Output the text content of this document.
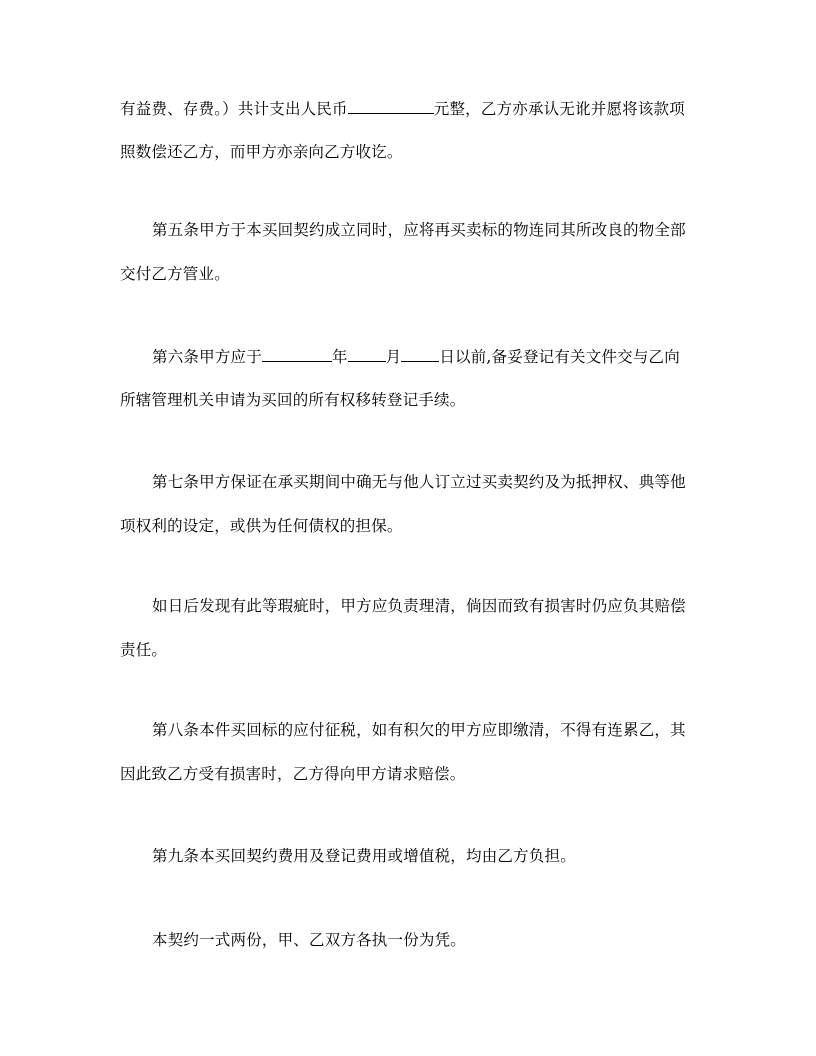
有益费、存费。）共计支出人民币	元整，乙方亦承认无讹并愿将该款项
照数偿还乙方，而甲方亦亲向乙方收讫。
第五条甲方于本买回契约成立同时，应将再买卖标的物连同其所改良的物全部
交付乙方管业。
第六条甲方应于	年 月 日以前,备妥登记有关文件交与乙向
所辖管理机关申请为买回的所有权移转登记手续。
第七条甲方保证在承买期间中确无与他人订立过买卖契约及为抵押权、典等他
项权利的设定，或供为任何债权的担保。
如日后发现有此等瑕疵时，甲方应负责理清，倘因而致有损害时仍应负其赔偿
责任。
第八条本件买回标的应付征税，如有积欠的甲方应即缴清，不得有连累乙，其
因此致乙方受有损害时，乙方得向甲方请求赔偿。
第九条本买回契约费用及登记费用或增值税，均由乙方负担。
本契约一式两份，甲、乙双方各执一份为凭。
